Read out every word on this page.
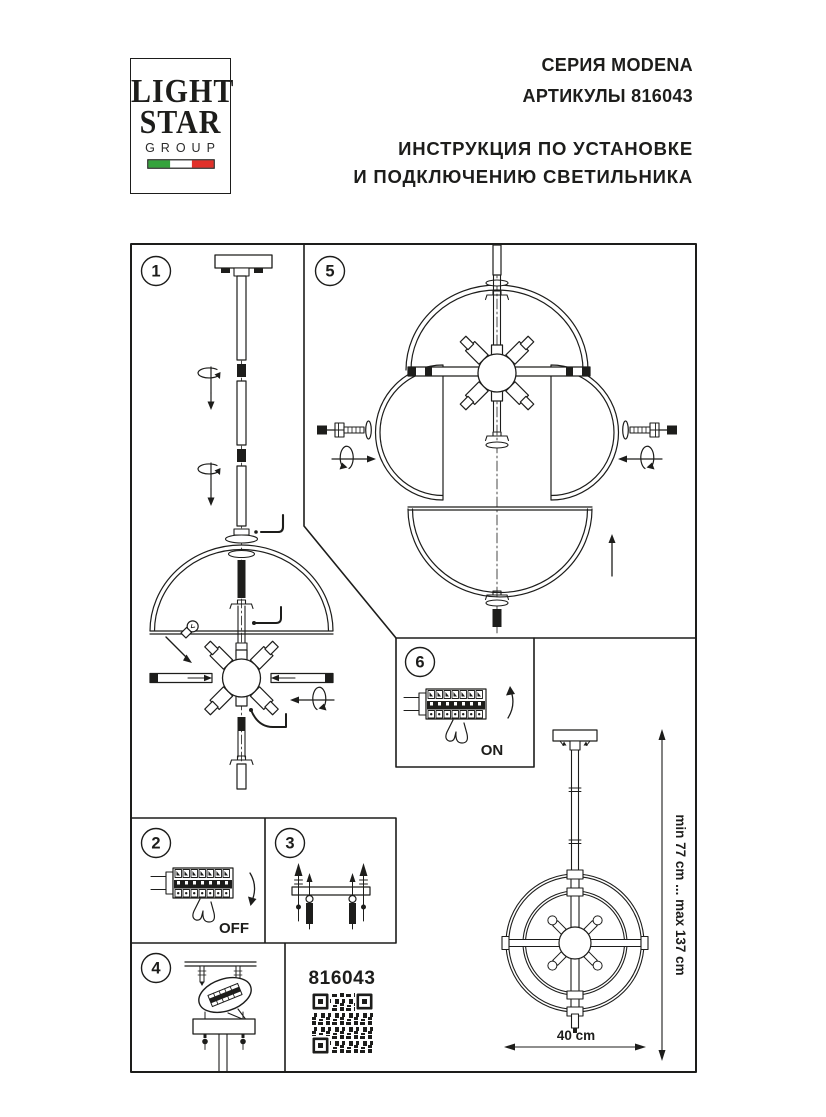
LIGHT
STAR
GROUP
СЕРИЯ MODENA
АРТИКУЛЫ 816043
ИНСТРУКЦИЯ ПО УСТАНОВКЕ
И ПОДКЛЮЧЕНИЮ СВЕТИЛЬНИКА
1	5
6
ON
2
OFF
3
4	816043
min 77 cm ... max 137 cm
40 cm
